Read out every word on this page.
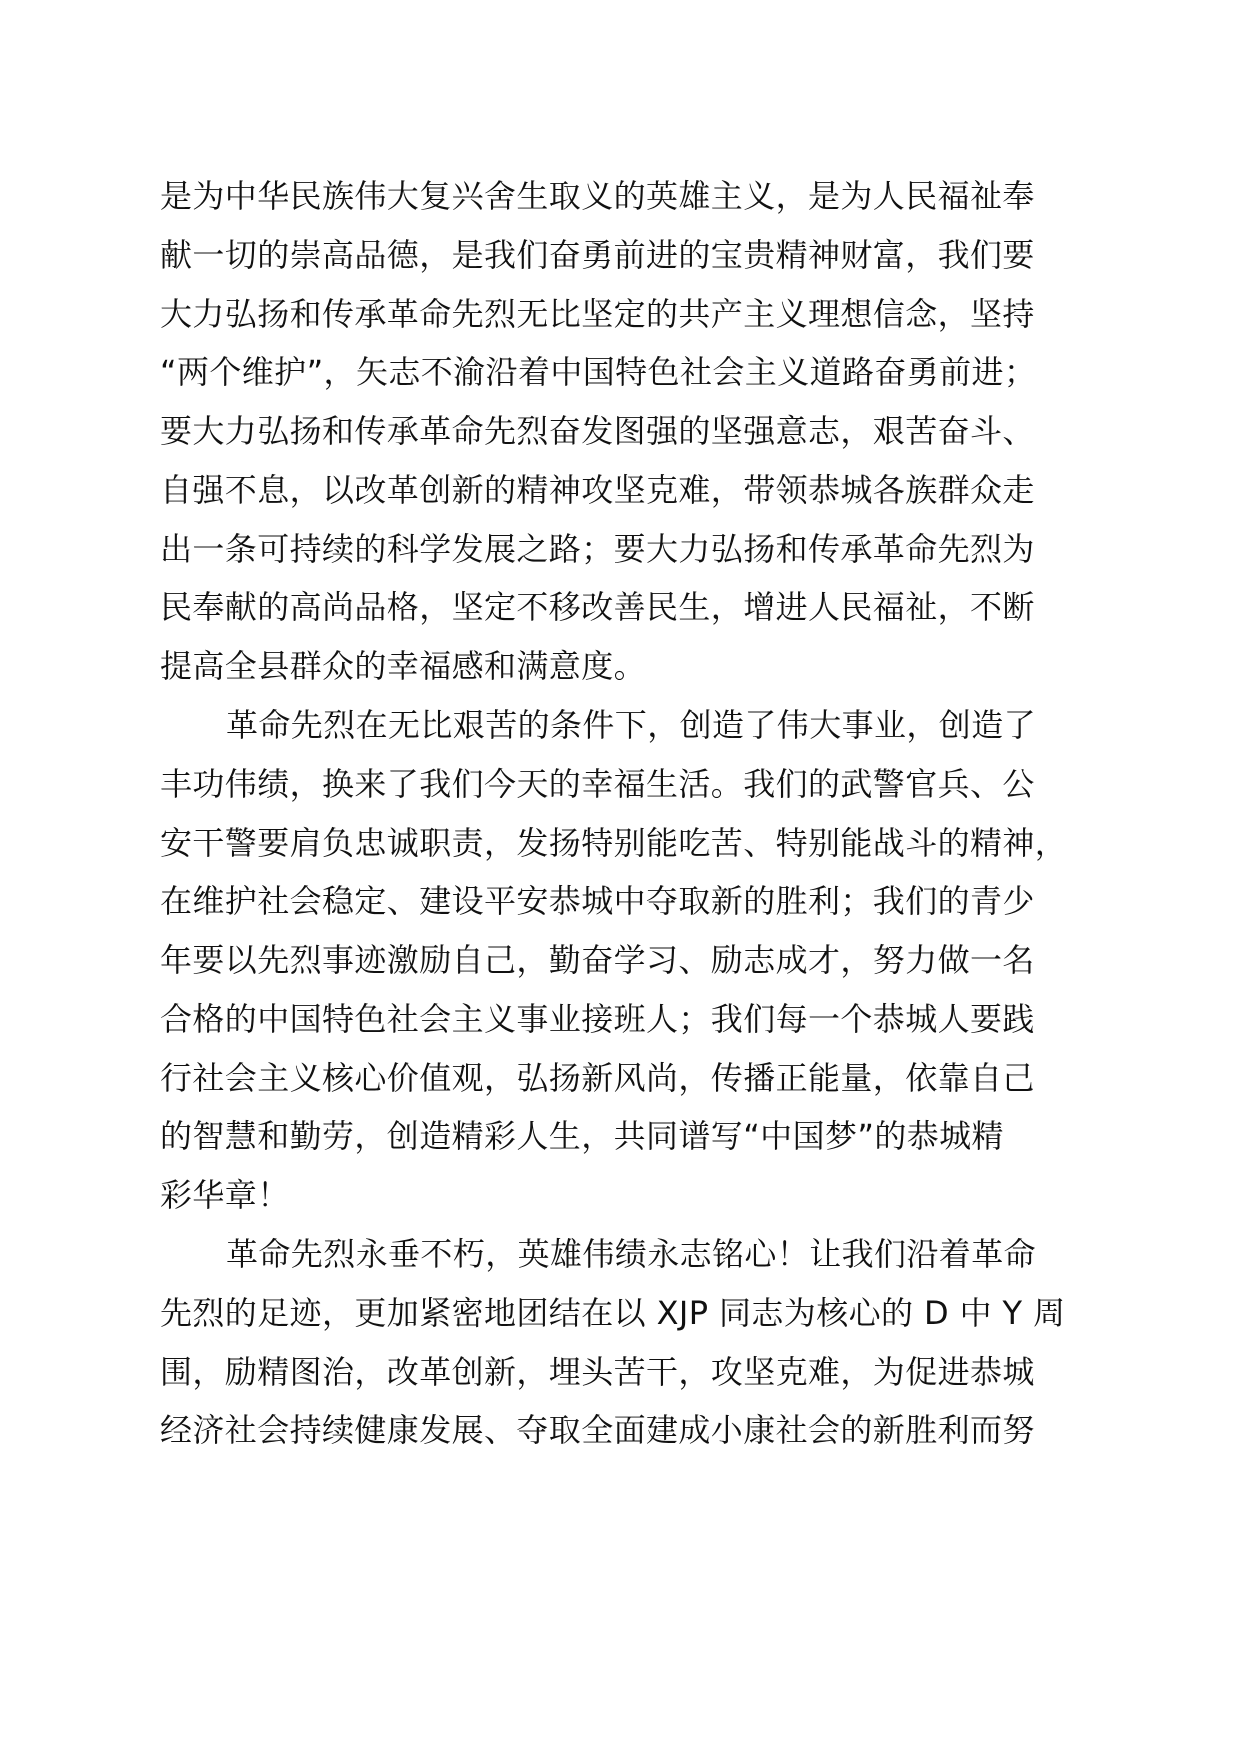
是为中华民族伟大复兴舍生取义的英雄主义，是为人民福祉奉

献一切的崇高品德，是我们奋勇前进的宝贵精神财富，我们要

大力弘扬和传承革命先烈无比坚定的共产主义理想信念，坚持

“两个维护”，矢志不渝沿着中国特色社会主义道路奋勇前进；

要大力弘扬和传承革命先烈奋发图强的坚强意志，艰苦奋斗、

自强不息，以改革创新的精神攻坚克难，带领恭城各族群众走

出一条可持续的科学发展之路；要大力弘扬和传承革命先烈为

民奉献的高尚品格，坚定不移改善民生，增进人民福祉，不断

提高全县群众的幸福感和满意度。

革命先烈在无比艰苦的条件下，创造了伟大事业，创造了

丰功伟绩，换来了我们今天的幸福生活。我们的武警官兵、公

安干警要肩负忠诚职责，发扬特别能吃苦、特别能战斗的精神，

在维护社会稳定、建设平安恭城中夺取新的胜利；我们的青少

年要以先烈事迹激励自己，勤奋学习、励志成才，努力做一名

合格的中国特色社会主义事业接班人；我们每一个恭城人要践

行社会主义核心价值观，弘扬新风尚，传播正能量，依靠自己

的智慧和勤劳，创造精彩人生，共同谱写“中国梦”的恭城精

彩华章！

革命先烈永垂不朽，英雄伟绩永志铭心！让我们沿着革命

先烈的足迹，更加紧密地团结在以 XJP 同志为核心的 D 中 Y 周

围，励精图治，改革创新，埋头苦干，攻坚克难，为促进恭城

经济社会持续健康发展、夺取全面建成小康社会的新胜利而努
